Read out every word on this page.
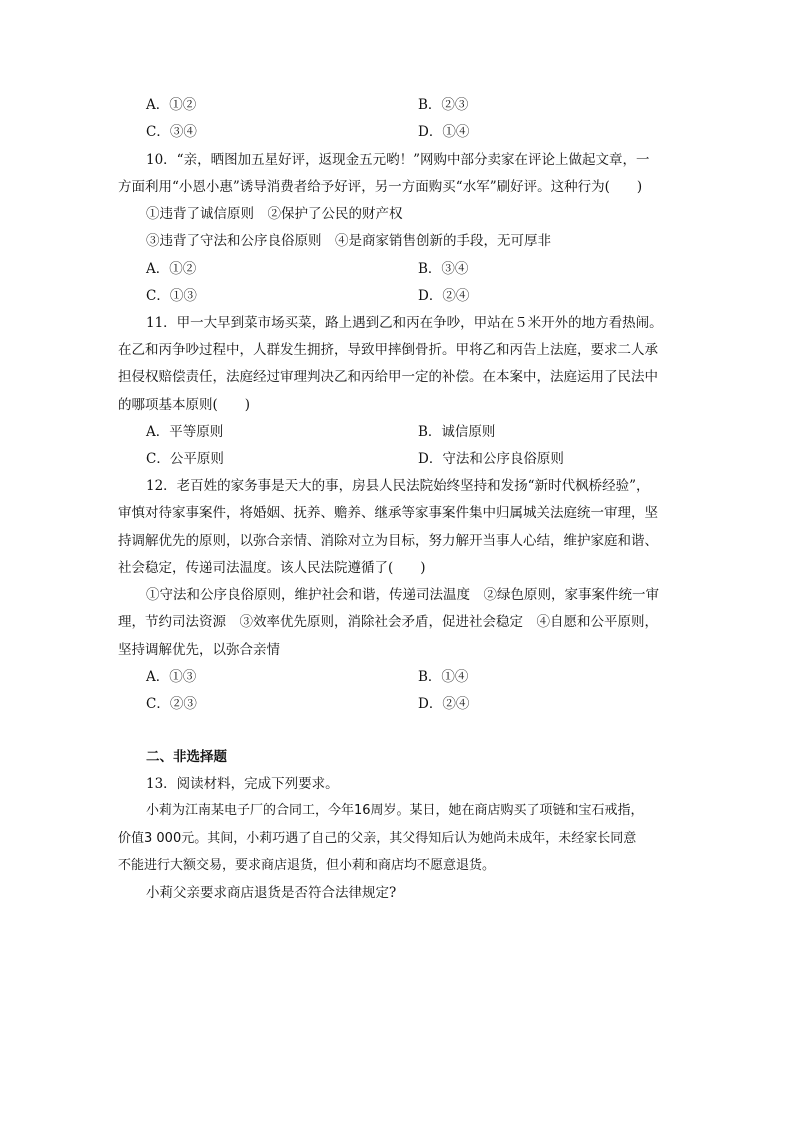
A．①②	B．②③
C．③④	D．①④
10．“亲，晒图加五星好评，返现金五元哟！”网购中部分卖家在评论上做起文章，一
方面利用“小恩小惠”诱导消费者给予好评，另一方面购买“水军”刷好评。这种行为(　　)
①违背了诚信原则　②保护了公民的财产权
③违背了守法和公序良俗原则　④是商家销售创新的手段，无可厚非
A．①②	B．③④
C．①③	D．②④
11．甲一大早到菜市场买菜，路上遇到乙和丙在争吵，甲站在５米开外的地方看热闹。
在乙和丙争吵过程中，人群发生拥挤，导致甲摔倒骨折。甲将乙和丙告上法庭，要求二人承
担侵权赔偿责任，法庭经过审理判决乙和丙给甲一定的补偿。在本案中，法庭运用了民法中
的哪项基本原则(　　)
A．平等原则	B．诚信原则
C．公平原则	D．守法和公序良俗原则
12．老百姓的家务事是天大的事，房县人民法院始终坚持和发扬“新时代枫桥经验”，
审慎对待家事案件，将婚姻、抚养、赡养、继承等家事案件集中归属城关法庭统一审理，坚
持调解优先的原则，以弥合亲情、消除对立为目标，努力解开当事人心结，维护家庭和谐、
社会稳定，传递司法温度。该人民法院遵循了(　　)
①守法和公序良俗原则，维护社会和谐，传递司法温度　②绿色原则，家事案件统一审
理，节约司法资源　③效率优先原则，消除社会矛盾，促进社会稳定　④自愿和公平原则，
坚持调解优先，以弥合亲情
A．①③	B．①④
C．②③	D．②④
二、非选择题
13．阅读材料，完成下列要求。
小莉为江南某电子厂的合同工，今年16周岁。某日，她在商店购买了项链和宝石戒指，
价值3 000元。其间，小莉巧遇了自己的父亲，其父得知后认为她尚未成年，未经家长同意
不能进行大额交易，要求商店退货，但小莉和商店均不愿意退货。
小莉父亲要求商店退货是否符合法律规定?
